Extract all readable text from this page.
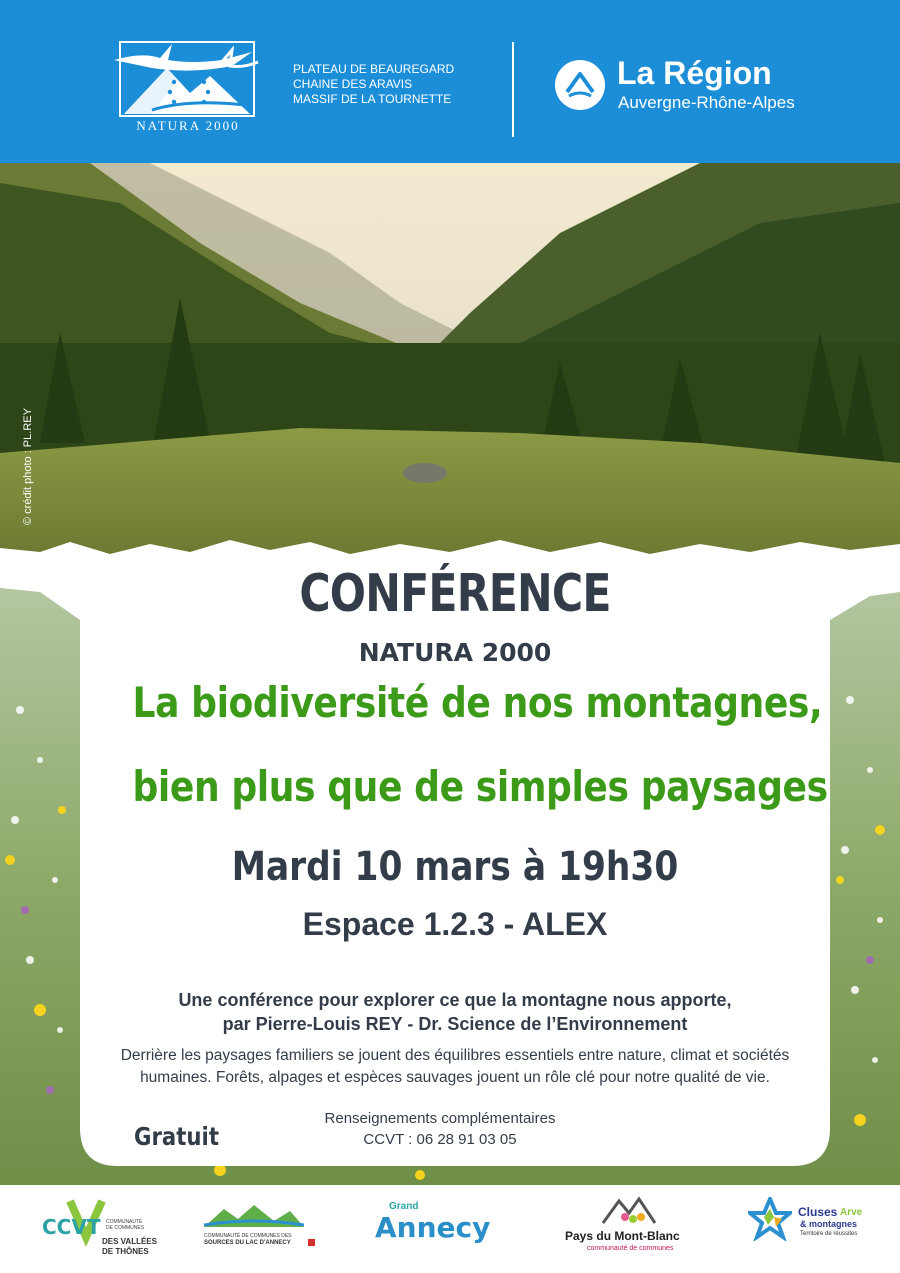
NATURA 2000
PLATEAU DE BEAUREGARD
CHAINE DES ARAVIS
MASSIF DE LA TOURNETTE
La Région
Auvergne-Rhône-Alpes
© crédit photo : PL.REY
CONFÉRENCE
NATURA 2000
La biodiversité de nos montagnes,
bien plus que de simples paysages
Mardi 10 mars à 19h30
Espace 1.2.3 - ALEX
Une conférence pour explorer ce que la montagne nous apporte,
par Pierre-Louis REY - Dr. Science de l’Environnement
Derrière les paysages familiers se jouent des équilibres essentiels entre nature, climat et sociétés
humaines. Forêts, alpages et espèces sauvages jouent un rôle clé pour notre qualité de vie.
Gratuit
Renseignements complémentaires
CCVT : 06 28 91 03 05
CCVT COMMUNAUTÉ DE COMMUNES
DES VALLÉES
DE THÔNES
COMMUNAUTÉ DE COMMUNES DES
SOURCES DU LAC D'ANNECY
Grand
Annecy	Pays du Mont-Blanc
communauté de communes
Cluses Arve
& montagnes
Territoire de réussites
